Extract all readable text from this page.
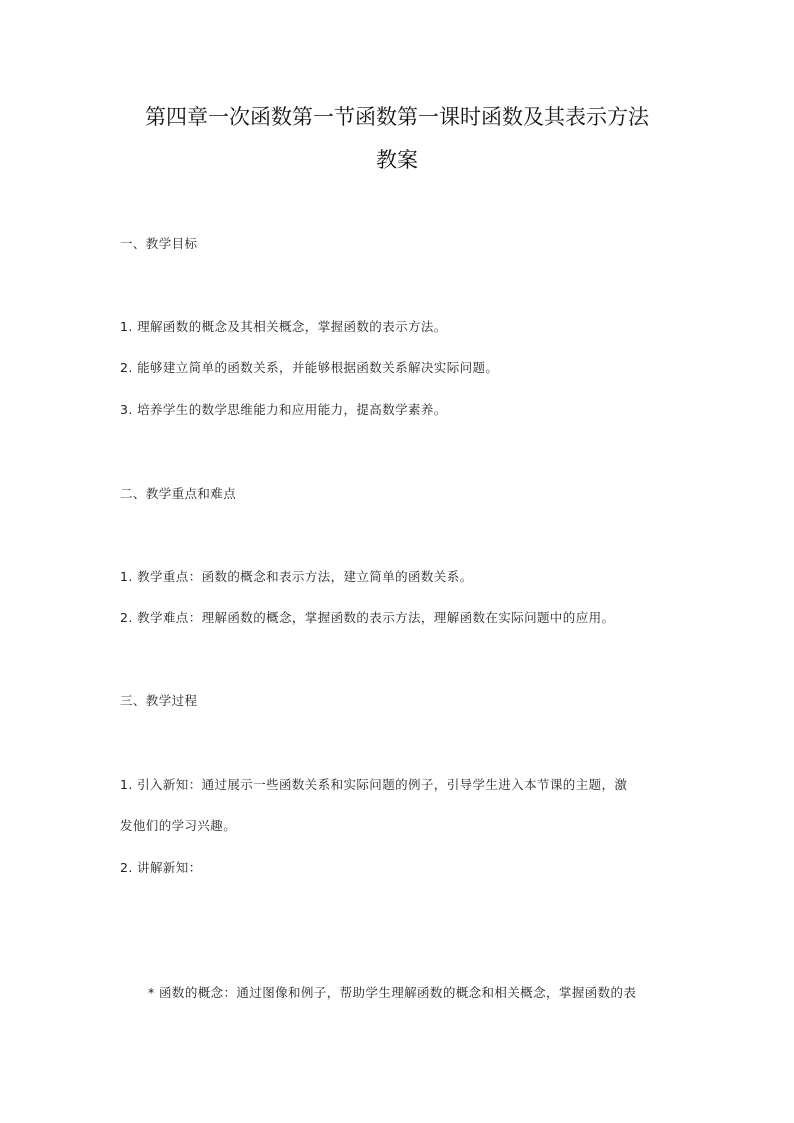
第四章一次函数第一节函数第一课时函数及其表示方法
教案

一、教学目标

1. 理解函数的概念及其相关概念，掌握函数的表示方法。

2. 能够建立简单的函数关系，并能够根据函数关系解决实际问题。

3. 培养学生的数学思维能力和应用能力，提高数学素养。

二、教学重点和难点

1. 教学重点：函数的概念和表示方法，建立简单的函数关系。

2. 教学难点：理解函数的概念，掌握函数的表示方法，理解函数在实际问题中的应用。

三、教学过程

1. 引入新知：通过展示一些函数关系和实际问题的例子，引导学生进入本节课的主题，激

发他们的学习兴趣。

2. 讲解新知：

* 函数的概念：通过图像和例子，帮助学生理解函数的概念和相关概念，掌握函数的表
